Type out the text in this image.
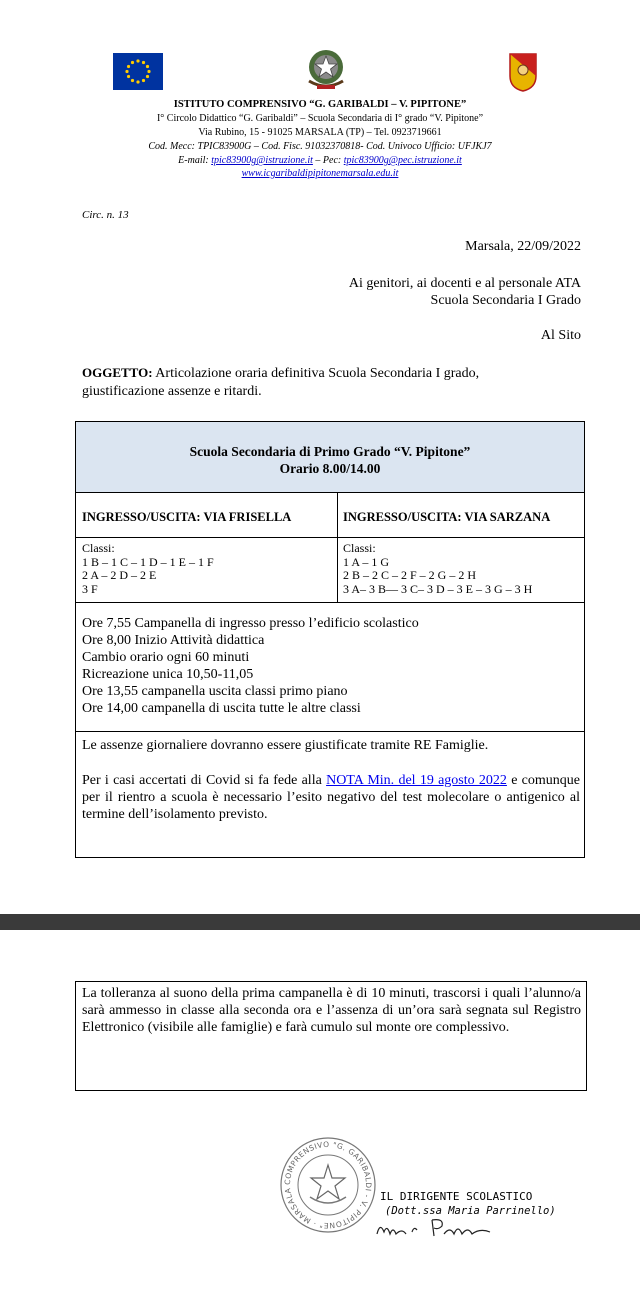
ISTITUTO COMPRENSIVO “G. GARIBALDI – V. PIPITONE”
I° Circolo Didattico “G. Garibaldi” – Scuola Secondaria di I° grado “V. Pipitone”
Via Rubino, 15 - 91025 MARSALA (TP) – Tel. 0923719661
Cod. Mecc: TPIC83900G – Cod. Fisc. 91032370818- Cod. Univoco Ufficio: UFJKJ7
E-mail: tpic83900g@istruzione.it – Pec: tpic83900g@pec.istruzione.it
www.icgaribaldipipitonemarsala.edu.it
Circ. n. 13
Marsala, 22/09/2022
Ai genitori, ai docenti e al personale ATA
Scuola Secondaria I Grado
Al Sito
OGGETTO: Articolazione oraria definitiva Scuola Secondaria I grado, giustificazione assenze e ritardi.
Scuola Secondaria di Primo Grado “V. Pipitone”
Orario 8.00/14.00
INGRESSO/USCITA: VIA FRISELLA	INGRESSO/USCITA: VIA SARZANA
Classi:
1 B – 1 C – 1 D – 1 E – 1 F
2 A – 2 D – 2 E
3 F
Classi:
1 A – 1 G
2 B – 2 C – 2 F – 2 G – 2 H
3 A– 3 B— 3 C– 3 D – 3 E – 3 G – 3 H
Ore 7,55 Campanella di ingresso presso l’edificio scolastico
Ore 8,00 Inizio Attività didattica
Cambio orario ogni 60 minuti
Ricreazione unica 10,50-11,05
Ore 13,55 campanella uscita classi primo piano
Ore 14,00 campanella di uscita tutte le altre classi
Le assenze giornaliere dovranno essere giustificate tramite RE Famiglie.
Per i casi accertati di Covid si fa fede alla NOTA Min. del 19 agosto 2022 e comunque per il rientro a scuola è necessario l’esito negativo del test molecolare o antigenico al termine dell’isolamento previsto.
La tolleranza al suono della prima campanella è di 10 minuti, trascorsi i quali l’alunno/a sarà ammesso in classe alla seconda ora e l’assenza di un’ora sarà segnata sul Registro Elettronico (visibile alle famiglie) e farà cumulo sul monte ore complessivo.
COMPRENSIVO "G. GARIBALDI - V. PIPITONE" · MARSALA	IL DIRIGENTE SCOLASTICO
(Dott.ssa Maria Parrinello)
